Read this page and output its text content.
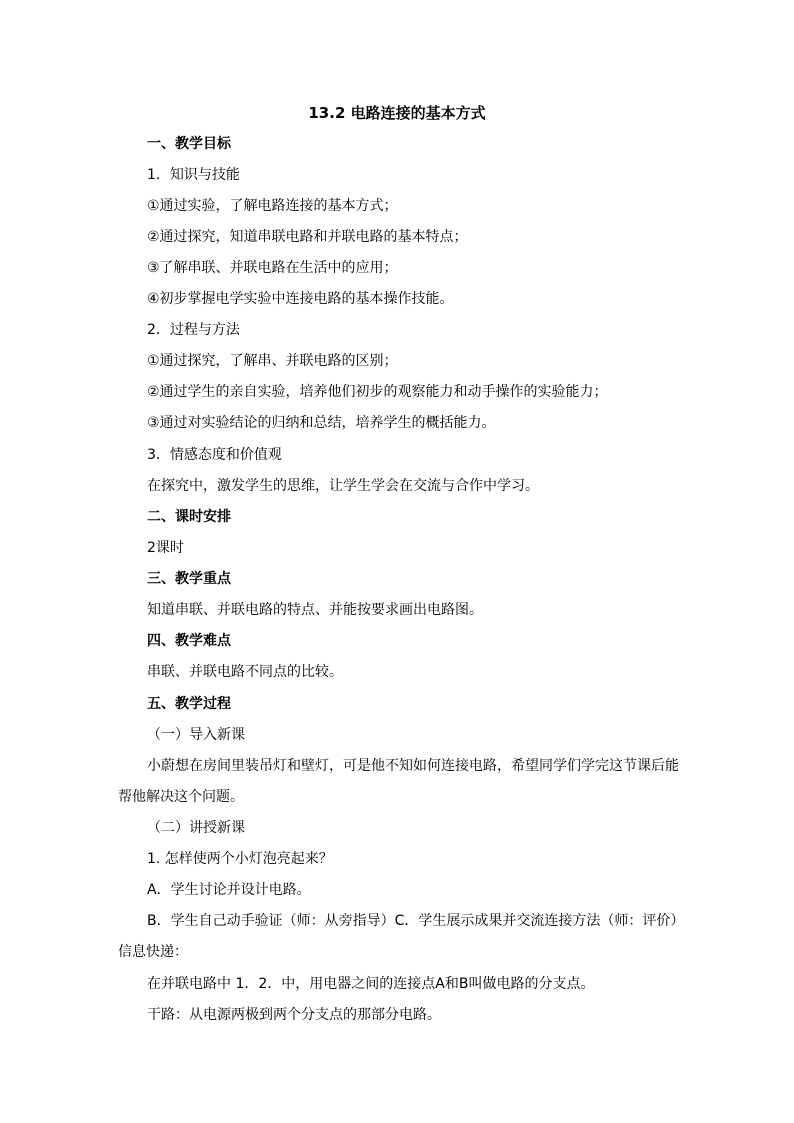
13.2 电路连接的基本方式
一、教学目标
1．知识与技能
①通过实验，了解电路连接的基本方式；
②通过探究，知道串联电路和并联电路的基本特点；
③了解串联、并联电路在生活中的应用；
④初步掌握电学实验中连接电路的基本操作技能。
2．过程与方法
①通过探究，了解串、并联电路的区别；
②通过学生的亲自实验，培养他们初步的观察能力和动手操作的实验能力；
③通过对实验结论的归纳和总结，培养学生的概括能力。
3．情感态度和价值观
在探究中，激发学生的思维，让学生学会在交流与合作中学习。
二、课时安排
2课时
三、教学重点
知道串联、并联电路的特点、并能按要求画出电路图。
四、教学难点
串联、并联电路不同点的比较。
五、教学过程
（一）导入新课
小蔚想在房间里装吊灯和壁灯，可是他不知如何连接电路，希望同学们学完这节课后能
帮他解决这个问题。
（二）讲授新课
1. 怎样使两个小灯泡亮起来？
A．学生讨论并设计电路。
B．学生自己动手验证（师：从旁指导）C．学生展示成果并交流连接方法（师：评价）
信息快递：
在并联电路中 1．2．中，用电器之间的连接点A和B叫做电路的分支点。
干路：从电源两极到两个分支点的那部分电路。
